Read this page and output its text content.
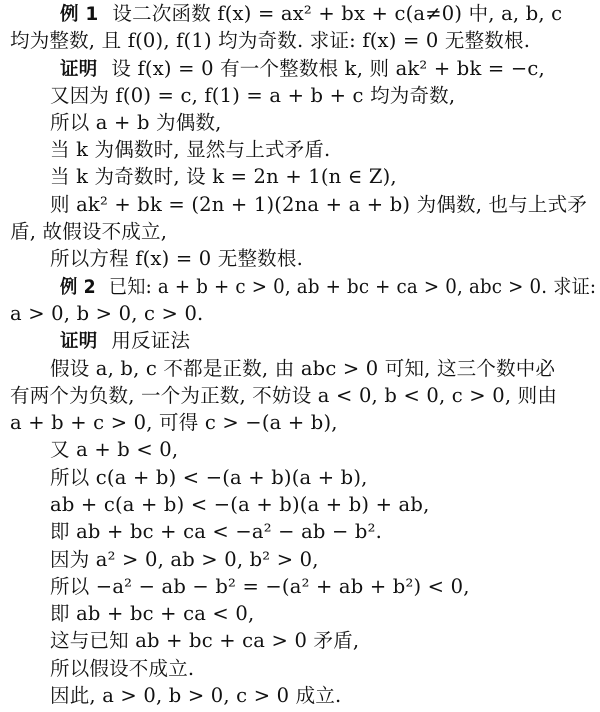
例 1 设二次函数 f(x) = ax² + bx + c(a≠0) 中, a, b, c
均为整数, 且 f(0), f(1) 均为奇数. 求证: f(x) = 0 无整数根.
证明 设 f(x) = 0 有一个整数根 k, 则 ak² + bk = −c,
又因为 f(0) = c, f(1) = a + b + c 均为奇数,
所以 a + b 为偶数,
当 k 为偶数时, 显然与上式矛盾.
当 k 为奇数时, 设 k = 2n + 1(n ∈ Z),
则 ak² + bk = (2n + 1)(2na + a + b) 为偶数, 也与上式矛
盾, 故假设不成立,
所以方程 f(x) = 0 无整数根.
例 2 已知: a + b + c > 0, ab + bc + ca > 0, abc > 0. 求证:
a > 0, b > 0, c > 0.
证明 用反证法
假设 a, b, c 不都是正数, 由 abc > 0 可知, 这三个数中必
有两个为负数, 一个为正数, 不妨设 a < 0, b < 0, c > 0, 则由
a + b + c > 0, 可得 c > −(a + b),
又 a + b < 0,
所以 c(a + b) < −(a + b)(a + b),
ab + c(a + b) < −(a + b)(a + b) + ab,
即 ab + bc + ca < −a² − ab − b².
因为 a² > 0, ab > 0, b² > 0,
所以 −a² − ab − b² = −(a² + ab + b²) < 0,
即 ab + bc + ca < 0,
这与已知 ab + bc + ca > 0 矛盾,
所以假设不成立.
因此, a > 0, b > 0, c > 0 成立.
